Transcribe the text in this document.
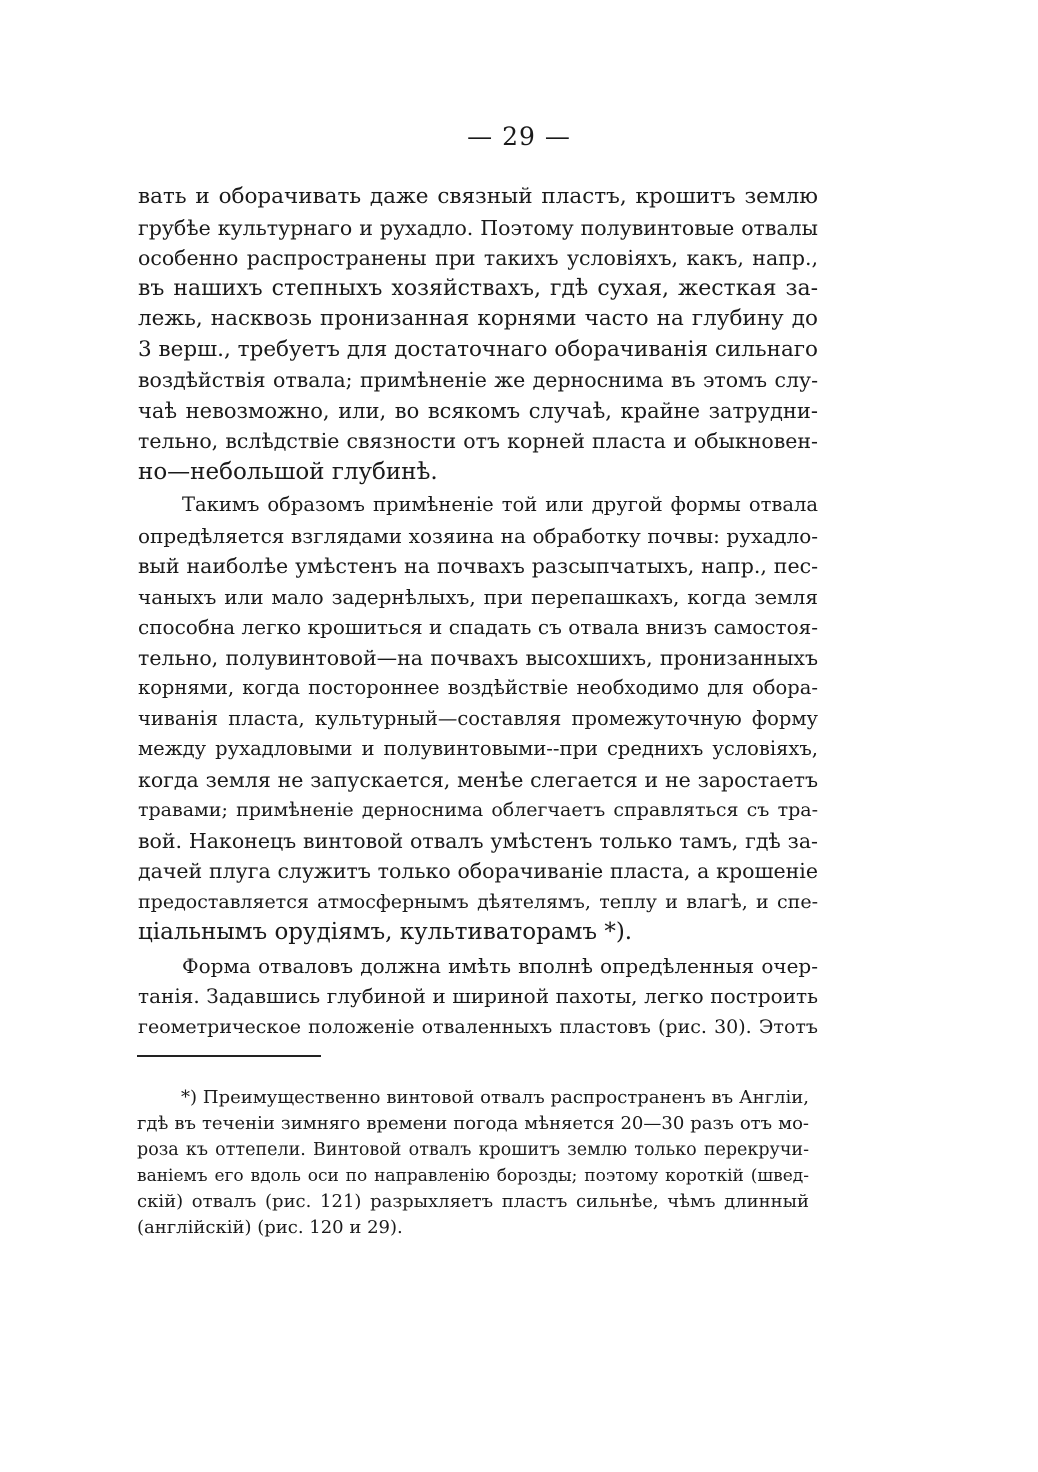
— 29 —
вать и оборачивать даже связный пластъ, крошитъ землю
грубѣе культурнаго и рухадло. Поэтому полувинтовые отвалы
особенно распространены при такихъ условіяхъ, какъ, напр.,
въ нашихъ степныхъ хозяйствахъ, гдѣ сухая, жесткая за-
лежь, насквозь пронизанная корнями часто на глубину до
3 верш., требуетъ для достаточнаго оборачиванія сильнаго
воздѣйствія отвала; примѣненіе же дерноснима въ этомъ слу-
чаѣ невозможно, или, во всякомъ случаѣ, крайне затрудни-
тельно, вслѣдствіе связности отъ корней пласта и обыкновен-
но—небольшой глубинѣ.
Такимъ образомъ примѣненіе той или другой формы отвала
опредѣляется взглядами хозяина на обработку почвы: рухадло-
вый наиболѣе умѣстенъ на почвахъ разсыпчатыхъ, напр., пес-
чаныхъ или мало задернѣлыхъ, при перепашкахъ, когда земля
способна легко крошиться и спадать съ отвала внизъ самостоя-
тельно, полувинтовой—на почвахъ высохшихъ, пронизанныхъ
корнями, когда постороннее воздѣйствіе необходимо для обора-
чиванія пласта, культурный—составляя промежуточную форму
между рухадловыми и полувинтовыми--при среднихъ условіяхъ,
когда земля не запускается, менѣе слегается и не заростаетъ
травами; примѣненіе дерноснима облегчаетъ справляться съ тра-
вой. Наконецъ винтовой отвалъ умѣстенъ только тамъ, гдѣ за-
дачей плуга служитъ только оборачиваніе пласта, а крошеніе
предоставляется атмосфернымъ дѣятелямъ, теплу и влагѣ, и спе-
ціальнымъ орудіямъ, культиваторамъ *).
Форма отваловъ должна имѣть вполнѣ опредѣленныя очер-
танія. Задавшись глубиной и шириной пахоты, легко построить
геометрическое положеніе отваленныхъ пластовъ (рис. 30). Этотъ
*) Преимущественно винтовой отвалъ распространенъ въ Англіи,
гдѣ въ теченіи зимняго времени погода мѣняется 20—30 разъ отъ мо-
роза къ оттепели. Винтовой отвалъ крошитъ землю только перекручи-
ваніемъ его вдоль оси по направленію борозды; поэтому короткій (швед-
скій) отвалъ (рис. 121) разрыхляетъ пластъ сильнѣе, чѣмъ длинный
(англійскій) (рис. 120 и 29).
